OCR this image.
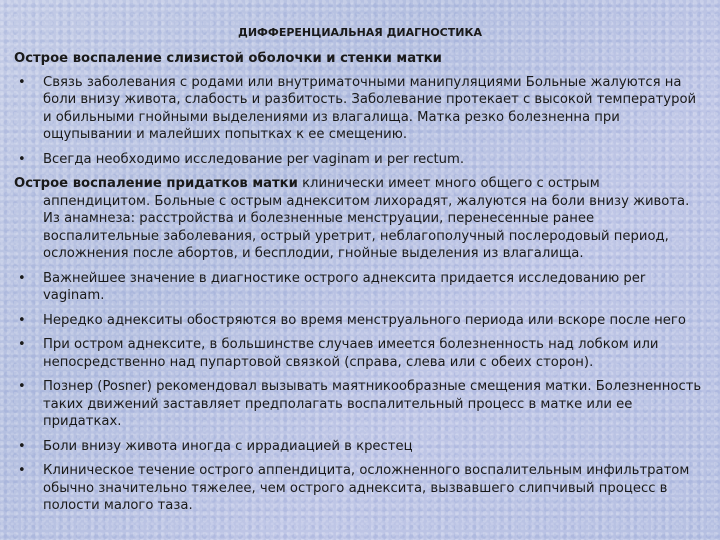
ДИФФЕРЕНЦИАЛЬНАЯ ДИАГНОСТИКА
Острое воспаление слизистой оболочки и стенки матки
• Связь заболевания с родами или внутриматочными манипуляциями Больные жалуются на боли внизу живота, слабость и разбитость. Заболевание протекает с высокой температурой и обильными гнойными выделениями из влагалища. Матка резко болезненна при ощупывании и малейших попытках к ее смещению.
• Всегда необходимо исследование per vaginam и per rectum.
Острое воспаление придатков матки клинически имеет много общего с острым аппендицитом. Больные с острым аднекситом лихорадят, жалуются на боли внизу живота. Из анамнеза: расстройства и болезненные менструации, перенесенные ранее воспалительные заболевания, острый уретрит, неблагополучный послеродовый период, осложнения после абортов, и бесплодии, гнойные выделения из влагалища.
• Важнейшее значение в диагностике острого аднексита придается исследованию per vaginam.
• Нередко аднекситы обостряются во время менструального периода или вскоре после него
• При остром аднексите, в большинстве случаев имеется болезненность над лобком или непосредственно над пупартовой связкой (справа, слева или с обеих сторон).
• Познер (Posner) рекомендовал вызывать маятникообразные смещения матки. Болезненность таких движений заставляет предполагать воспалительный процесс в матке или ее придатках.
• Боли внизу живота иногда с иррадиацией в крестец
• Клиническое течение острого аппендицита, осложненного воспалительным инфильтратом обычно значительно тяжелее, чем острого аднексита, вызвавшего слипчивый процесс в полости малого таза.
